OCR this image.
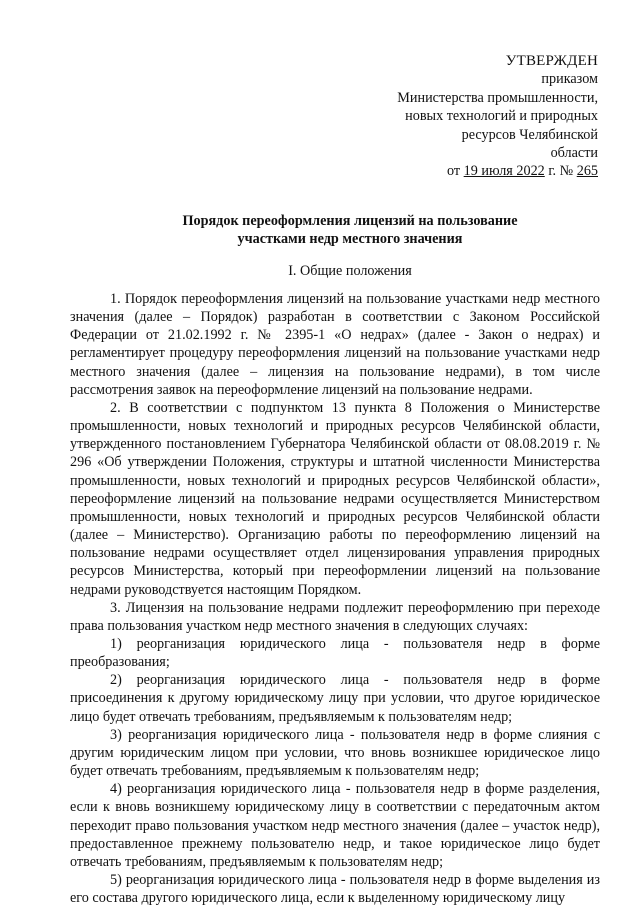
УТВЕРЖДЕН
приказом
Министерства промышленности,
новых технологий и природных
ресурсов Челябинской
области
от 19 июля 2022 г. № 265
Порядок переоформления лицензий на пользование
участками недр местного значения
I. Общие положения

1. Порядок переоформления лицензий на пользование участками недр местного значения (далее – Порядок) разработан в соответствии с Законом Российской Федерации от 21.02.1992 г. № 2395-1 «О недрах» (далее - Закон о недрах) и регламентирует процедуру переоформления лицензий на пользование участками недр местного значения (далее – лицензия на пользование недрами), в том числе рассмотрения заявок на переоформление лицензий на пользование недрами.

2. В соответствии с подпунктом 13 пункта 8 Положения о Министерстве промышленности, новых технологий и природных ресурсов Челябинской области, утвержденного постановлением Губернатора Челябинской области от 08.08.2019 г. № 296 «Об утверждении Положения, структуры и штатной численности Министерства промышленности, новых технологий и природных ресурсов Челябинской области», переоформление лицензий на пользование недрами осуществляется Министерством промышленности, новых технологий и природных ресурсов Челябинской области (далее – Министерство). Организацию работы по переоформлению лицензий на пользование недрами осуществляет отдел лицензирования управления природных ресурсов Министерства, который при переоформлении лицензий на пользование недрами руководствуется настоящим Порядком.

3. Лицензия на пользование недрами подлежит переоформлению при переходе права пользования участком недр местного значения в следующих случаях:

1) реорганизация юридического лица - пользователя недр в форме преобразования;

2) реорганизация юридического лица - пользователя недр в форме присоединения к другому юридическому лицу при условии, что другое юридическое лицо будет отвечать требованиям, предъявляемым к пользователям недр;

3) реорганизация юридического лица - пользователя недр в форме слияния с другим юридическим лицом при условии, что вновь возникшее юридическое лицо будет отвечать требованиям, предъявляемым к пользователям недр;

4) реорганизация юридического лица - пользователя недр в форме разделения, если к вновь возникшему юридическому лицу в соответствии с передаточным актом переходит право пользования участком недр местного значения (далее – участок недр), предоставленное прежнему пользователю недр, и такое юридическое лицо будет отвечать требованиям, предъявляемым к пользователям недр;

5) реорганизация юридического лица - пользователя недр в форме выделения из его состава другого юридического лица, если к выделенному юридическому лицу
